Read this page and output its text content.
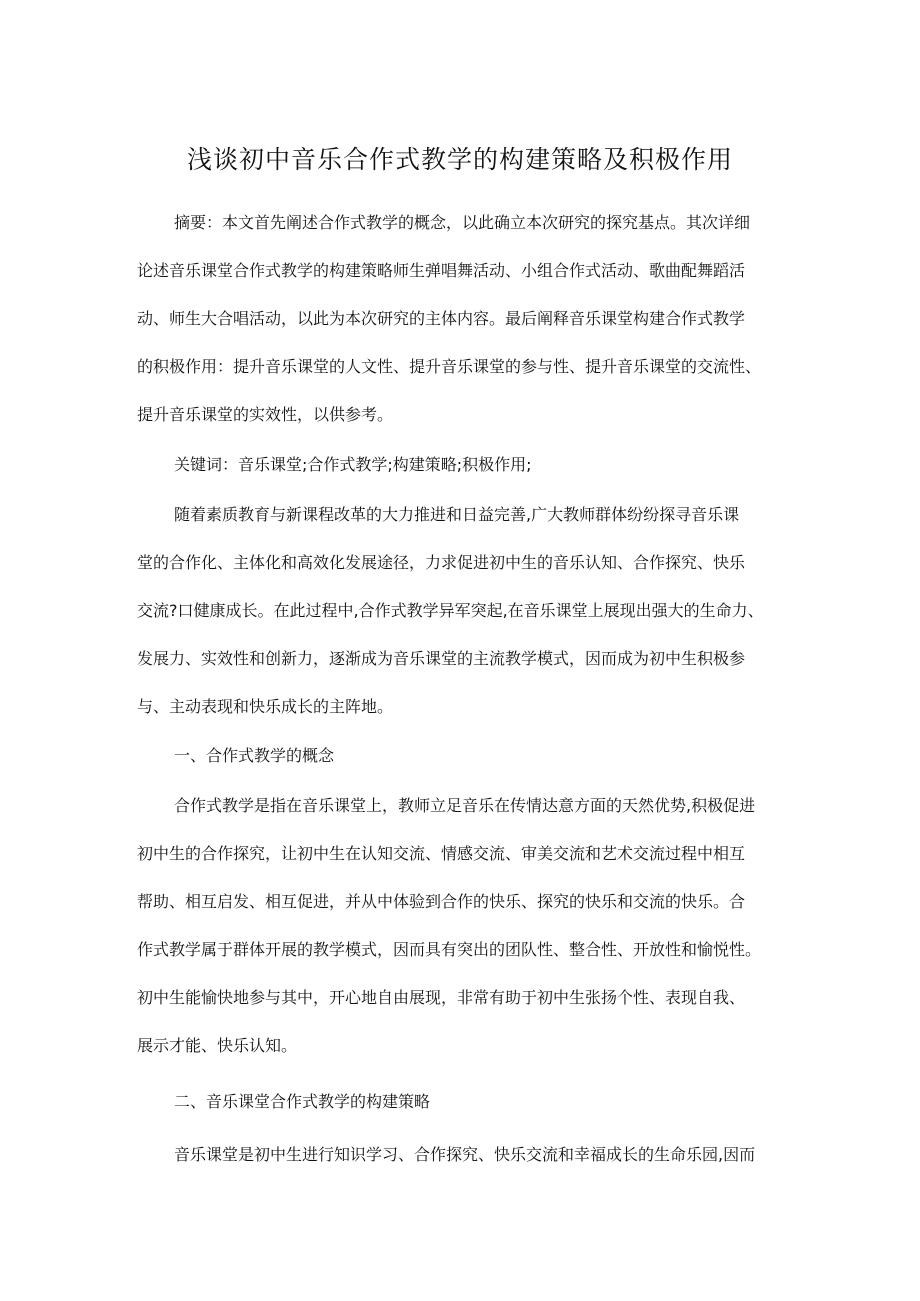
浅谈初中音乐合作式教学的构建策略及积极作用
摘要：本文首先阐述合作式教学的概念，以此确立本次研究的探究基点。其次详细
论述音乐课堂合作式教学的构建策略师生弹唱舞活动、小组合作式活动、歌曲配舞蹈活
动、师生大合唱活动，以此为本次研究的主体内容。最后阐释音乐课堂构建合作式教学
的积极作用：提升音乐课堂的人文性、提升音乐课堂的参与性、提升音乐课堂的交流性、
提升音乐课堂的实效性，以供参考。
关键词：音乐课堂;合作式教学;构建策略;积极作用;
随着素质教育与新课程改革的大力推进和日益完善,广大教师群体纷纷探寻音乐课
堂的合作化、主体化和高效化发展途径，力求促进初中生的音乐认知、合作探究、快乐
交流?口健康成长。在此过程中,合作式教学异军突起,在音乐课堂上展现出强大的生命力、
发展力、实效性和创新力，逐渐成为音乐课堂的主流教学模式，因而成为初中生积极参
与、主动表现和快乐成长的主阵地。
一、合作式教学的概念
合作式教学是指在音乐课堂上，教师立足音乐在传情达意方面的天然优势,积极促进
初中生的合作探究，让初中生在认知交流、情感交流、审美交流和艺术交流过程中相互
帮助、相互启发、相互促进，并从中体验到合作的快乐、探究的快乐和交流的快乐。合
作式教学属于群体开展的教学模式，因而具有突出的团队性、整合性、开放性和愉悦性。
初中生能愉快地参与其中，开心地自由展现，非常有助于初中生张扬个性、表现自我、
展示才能、快乐认知。
二、音乐课堂合作式教学的构建策略
音乐课堂是初中生进行知识学习、合作探究、快乐交流和幸福成长的生命乐园,因而
